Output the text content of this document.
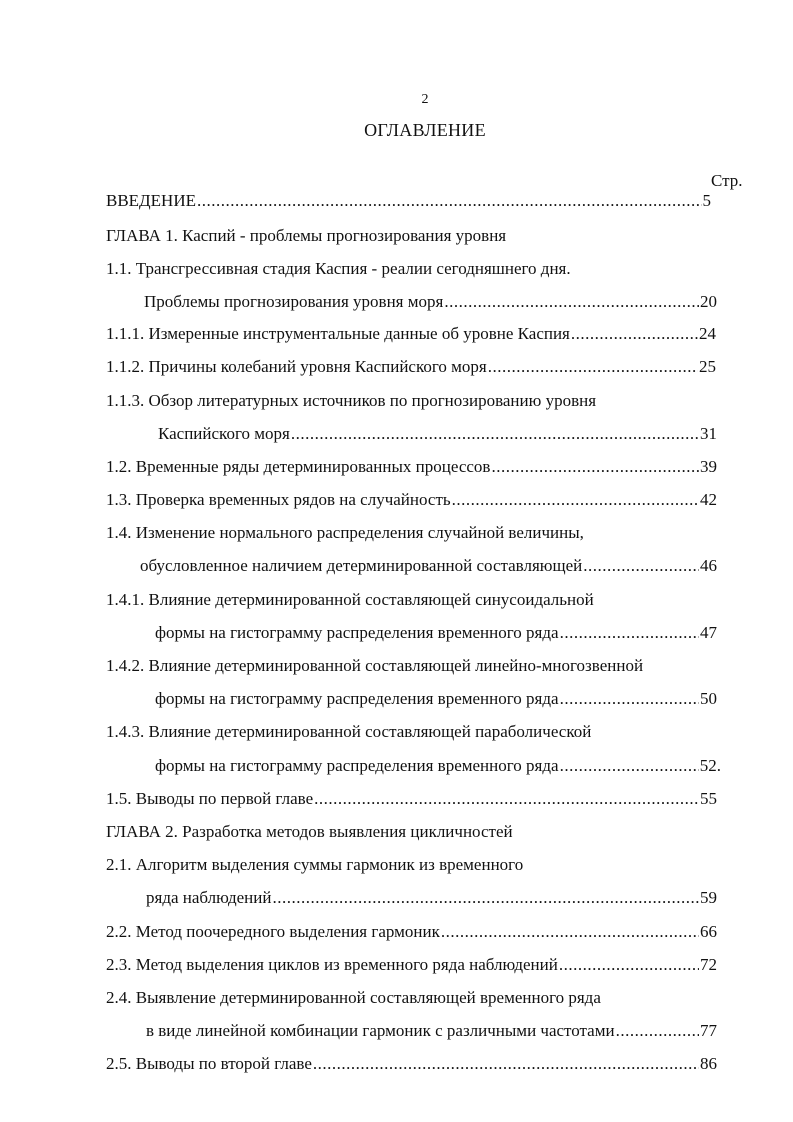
2
ОГЛАВЛЕНИЕ
Стр.
ВВЕДЕНИЕ .....	5
ГЛАВА 1. Каспий - проблемы прогнозирования уровня
1.1. Трансгрессивная стадия Каспия - реалии сегодняшнего дня.
Проблемы прогнозирования уровня моря .....	20
1.1.1. Измеренные инструментальные данные об уровне Каспия .....	24
1.1.2. Причины колебаний уровня Каспийского моря .....	25
1.1.3. Обзор литературных источников по прогнозированию уровня
Каспийского моря .....	31
1.2. Временные ряды детерминированных процессов .....	39
1.3. Проверка временных рядов на случайность .....	42
1.4. Изменение нормального распределения случайной величины,
обусловленное наличием детерминированной составляющей .....	46
1.4.1. Влияние детерминированной составляющей синусоидальной
формы на гистограмму распределения временного ряда .....	47
1.4.2. Влияние детерминированной составляющей линейно-многозвенной
формы на гистограмму распределения временного ряда .....	50
1.4.3. Влияние детерминированной составляющей параболической
формы на гистограмму распределения временного ряда .....	52.
1.5. Выводы по первой главе .....	55
ГЛАВА 2. Разработка методов выявления цикличностей
2.1. Алгоритм выделения суммы гармоник из временного
ряда наблюдений .....	59
2.2. Метод поочередного выделения гармоник .....	66
2.3. Метод выделения циклов из временного ряда наблюдений .....	72
2.4. Выявление детерминированной составляющей временного ряда
в виде линейной комбинации гармоник с различными частотами .....	77
2.5. Выводы по второй главе .....	86
